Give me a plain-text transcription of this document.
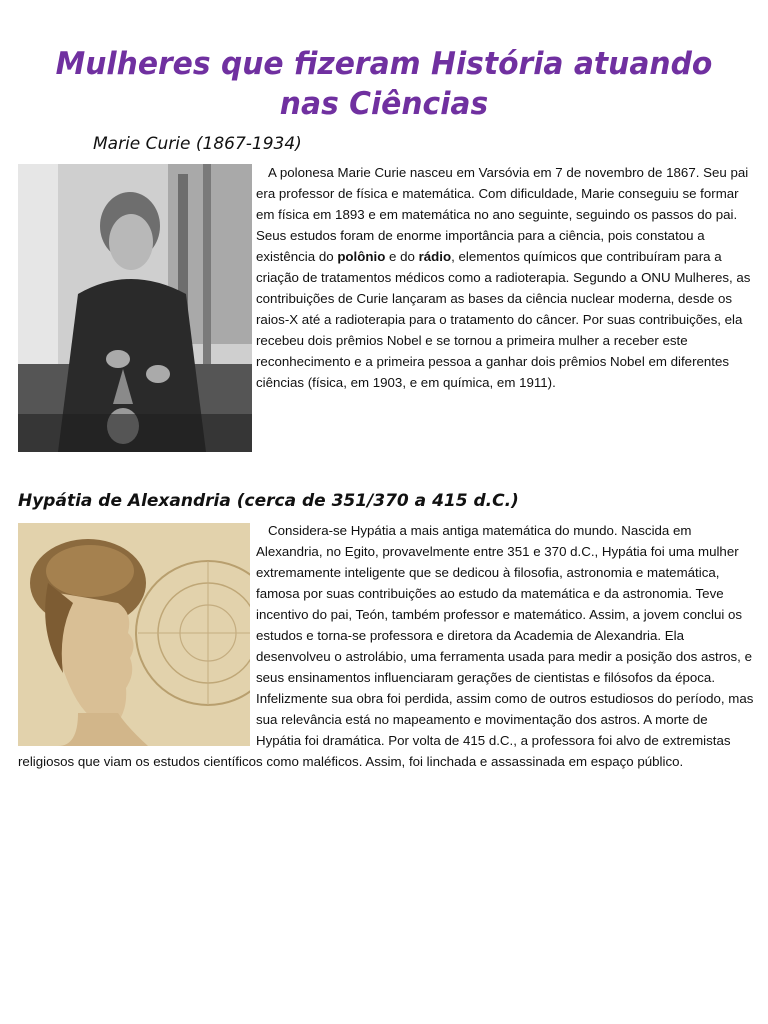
Mulheres que fizeram História atuando nas Ciências
Marie Curie (1867-1934)
A polonesa Marie Curie nasceu em Varsóvia em 7 de novembro de 1867. Seu pai
era professor de física e matemática. Com dificuldade, Marie conseguiu se formar
em física em 1893 e em matemática no ano seguinte, seguindo os passos do pai.
Seus estudos foram de enorme importância para a ciência, pois constatou a
existência do polônio e do rádio, elementos químicos que contribuíram para a
criação de tratamentos médicos como a radioterapia. Segundo a ONU Mulheres, as
contribuições de Curie lançaram as bases da ciência nuclear moderna, desde os
raios-X até a radioterapia para o tratamento do câncer. Por suas contribuições, ela
recebeu dois prêmios Nobel e se tornou a primeira mulher a receber este
reconhecimento e a primeira pessoa a ganhar dois prêmios Nobel em diferentes
ciências (física, em 1903, e em química, em 1911).
Hypátia de Alexandria (cerca de 351/370 a 415 d.C.)
Considera-se Hypátia a mais antiga matemática do mundo. Nascida em
Alexandria, no Egito, provavelmente entre 351 e 370 d.C., Hypátia foi uma mulher
extremamente inteligente que se dedicou à filosofia, astronomia e matemática,
famosa por suas contribuições ao estudo da matemática e da astronomia. Teve
incentivo do pai, Teón, também professor e matemático. Assim, a jovem conclui os
estudos e torna-se professora e diretora da Academia de Alexandria. Ela
desenvolveu o astrolábio, uma ferramenta usada para medir a posição dos astros, e
seus ensinamentos influenciaram gerações de cientistas e filósofos da época.
Infelizmente sua obra foi perdida, assim como de outros estudiosos do período, mas
sua relevância está no mapeamento e movimentação dos astros. A morte de
Hypátia foi dramática. Por volta de 415 d.C., a professora foi alvo de extremistas
religiosos que viam os estudos científicos como maléficos. Assim, foi linchada e assassinada em espaço público.
